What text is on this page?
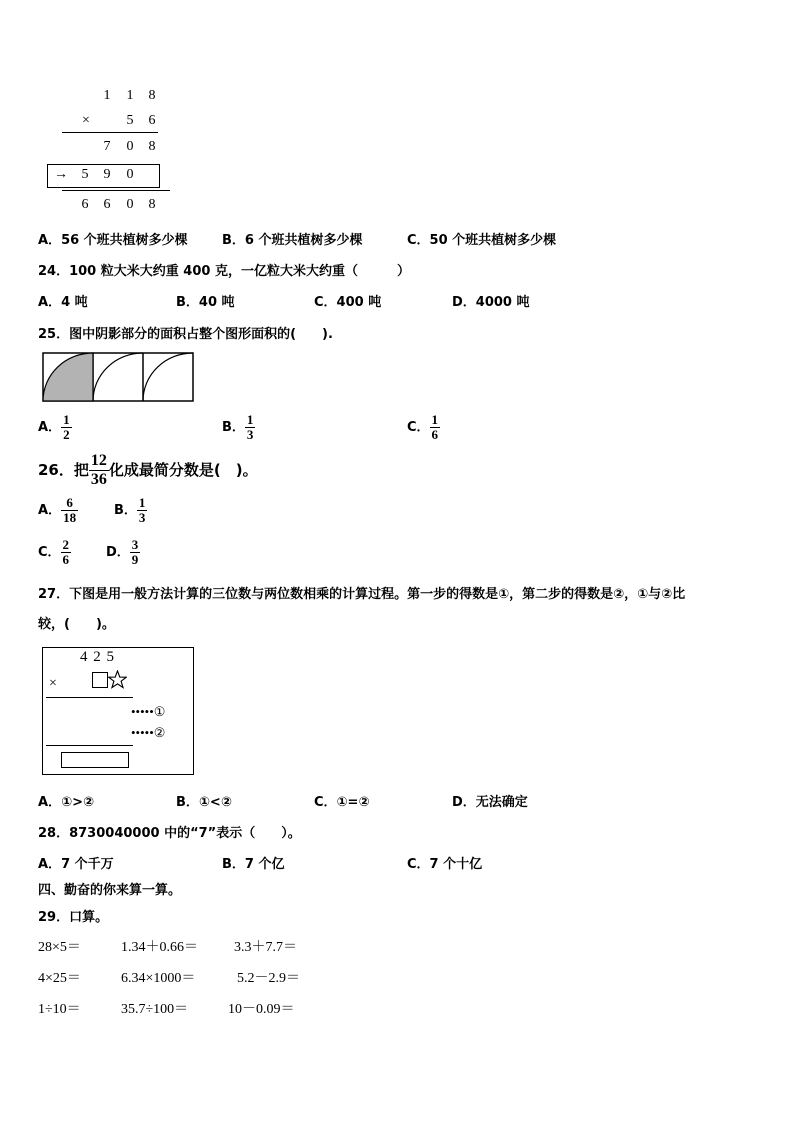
1 1 8
×	5 6
7 0 8
→ 5 9 0
6 6 0 8
A．56 个班共植树多少棵	B．6 个班共植树多少棵	C．50 个班共植树多少棵
24．100 粒大米大约重 400 克，一亿粒大米大约重（　　　）
A．4 吨	B．40 吨	C．400 吨	D．4000 吨
25．图中阴影部分的面积占整个图形面积的(　　).
A． $\frac{1}{2}$	B． $\frac{1}{3}$	C． $\frac{1}{6}$
26．把 $\frac{12}{36}$ 化成最简分数是(　)。
A． $\frac{6}{18}$	B． $\frac{1}{3}$
C． $\frac{2}{6}$	D． $\frac{3}{9}$
27．下图是用一般方法计算的三位数与两位数相乘的计算过程。第一步的得数是①，第二步的得数是②，①与②比
较，(　　)。
4 2 5
×
•••••①
•••••②
A．①>②	B．①<②	C．①=②	D．无法确定
28．8730040000 中的“7”表示（　　）。
A．7 个千万	B．7 个亿	C．7 个十亿
四、勤奋的你来算一算。
29．口算。
28×5＝	1.34＋0.66＝	3.3＋7.7＝
4×25＝	6.34×1000＝	5.2－2.9＝
1÷10＝	35.7÷100＝	10－0.09＝
